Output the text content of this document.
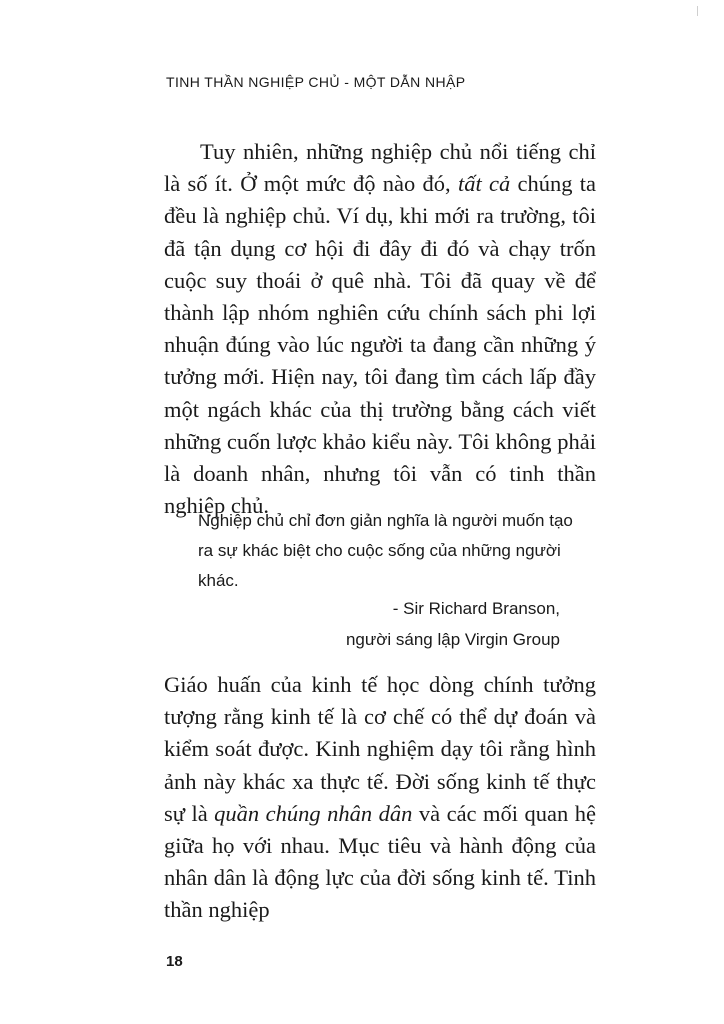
TINH THẦN NGHIỆP CHỦ - MỘT DẪN NHẬP

Tuy nhiên, những nghiệp chủ nổi tiếng chỉ là số ít. Ở một mức độ nào đó, tất cả chúng ta đều là nghiệp chủ. Ví dụ, khi mới ra trường, tôi đã tận dụng cơ hội đi đây đi đó và chạy trốn cuộc suy thoái ở quê nhà. Tôi đã quay về để thành lập nhóm nghiên cứu chính sách phi lợi nhuận đúng vào lúc người ta đang cần những ý tưởng mới. Hiện nay, tôi đang tìm cách lấp đầy một ngách khác của thị trường bằng cách viết những cuốn lược khảo kiểu này. Tôi không phải là doanh nhân, nhưng tôi vẫn có tinh thần nghiệp chủ.

Nghiệp chủ chỉ đơn giản nghĩa là người muốn tạo ra sự khác biệt cho cuộc sống của những người khác.
- Sir Richard Branson,
người sáng lập Virgin Group

Giáo huấn của kinh tế học dòng chính tưởng tượng rằng kinh tế là cơ chế có thể dự đoán và kiểm soát được. Kinh nghiệm dạy tôi rằng hình ảnh này khác xa thực tế. Đời sống kinh tế thực sự là quần chúng nhân dân và các mối quan hệ giữa họ với nhau. Mục tiêu và hành động của nhân dân là động lực của đời sống kinh tế. Tinh thần nghiệp

18
